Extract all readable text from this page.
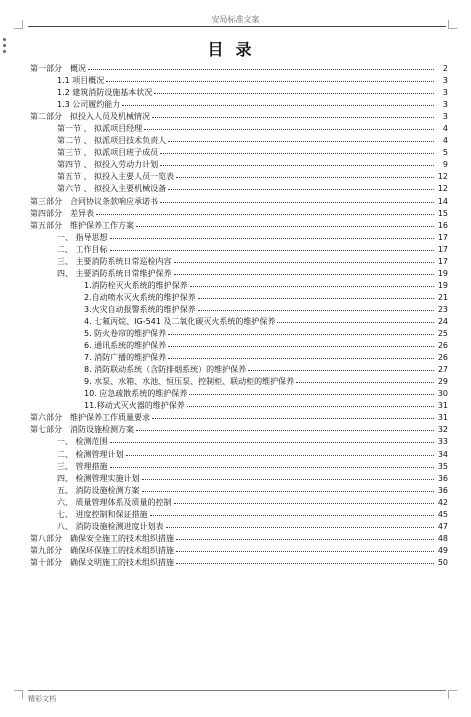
安局标准文案
目录
第一部分　概况	2
1.1 项目概况	3
1.2 建筑消防设施基本状况	3
1.3 公司履约能力	3
第二部分　拟投入人员及机械情况	3
第一节 、 拟派项目经理	4
第二节 、 拟派项目技术负责人	4
第三节 、 拟派项目班子成员	5
第四节 、 拟投入劳动力计划	9
第五节 、 拟投入主要人员一览表	12
第六节 、 拟投入主要机械设备	12
第三部分　合同协议条款响应承诺书	14
第四部分　差异表	15
第五部分　维护保养工作方案	16
一、 指导思想	17
二、 工作目标	17
三、 主要消防系统日常巡检内容	17
四、 主要消防系统日常维护保养	19
1.消防栓灭火系统的维护保养	19
2.自动喷水灭火系统的维护保养	21
3.火灾自动报警系统的维护保养	23
4. 七氟丙烷、IG-541 及二氧化碳灭火系统的维护保养	24
5. 防火卷帘的维护保养	25
6. 通讯系统的维护保养	26
7. 消防广播的维护保养	26
8. 消防联动系统（含防排烟系统）的维护保养	27
9. 水泵、水箱、水池、恒压泵、控制柜、联动柜的维护保养	29
10. 应急疏散系统的维护保养	30
11.移动式灭火器的维护保养	31
第六部分　维护保养工作质量要求	31
第七部分　消防设施检测方案	32
一、 检测范围	33
二、 检测管理计划	34
三、 管理措施	35
四、 检测管理实施计划	36
五、 消防设施检测方案	36
六、 质量管理体系及质量的控制	42
七、 进度控制和保证措施	45
八、 消防设施检测进度计划表	47
第八部分　确保安全施工的技术组织措施	48
第九部分　确保环保施工的技术组织措施	49
第十部分　确保文明施工的技术组织措施	50
精彩文档
